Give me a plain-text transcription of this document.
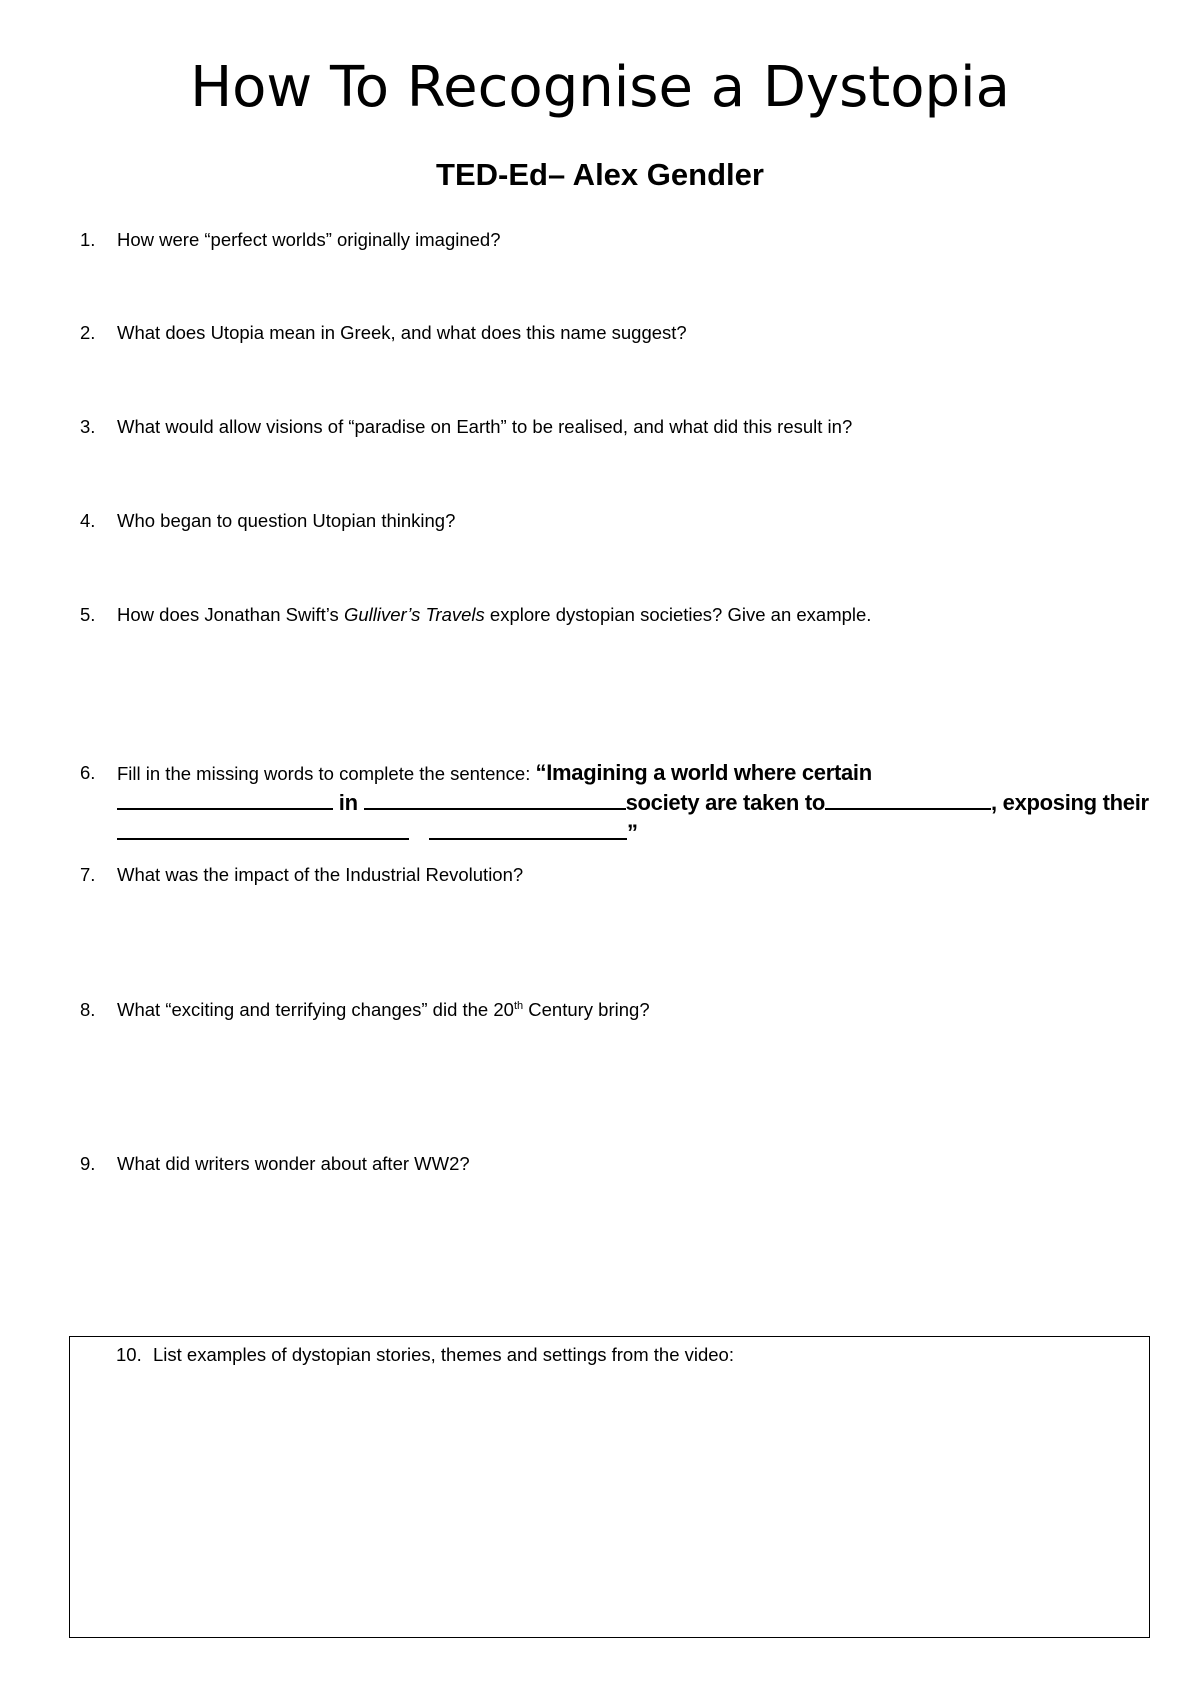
How To Recognise a Dystopia
TED-Ed– Alex Gendler
1.	How were “perfect worlds” originally imagined?
2.	What does Utopia mean in Greek, and what does this name suggest?
3.	What would allow visions of “paradise on Earth” to be realised, and what did this result in?
4.	Who began to question Utopian thinking?
5.	How does Jonathan Swift’s Gulliver’s Travels explore dystopian societies? Give an example.
6.	Fill in the missing words to complete the sentence: “Imagining a world where certain
in	society are taken to	, exposing their
”
7.	What was the impact of the Industrial Revolution?
8.	What “exciting and terrifying changes” did the 20th Century bring?
9.	What did writers wonder about after WW2?
10. List examples of dystopian stories, themes and settings from the video:
